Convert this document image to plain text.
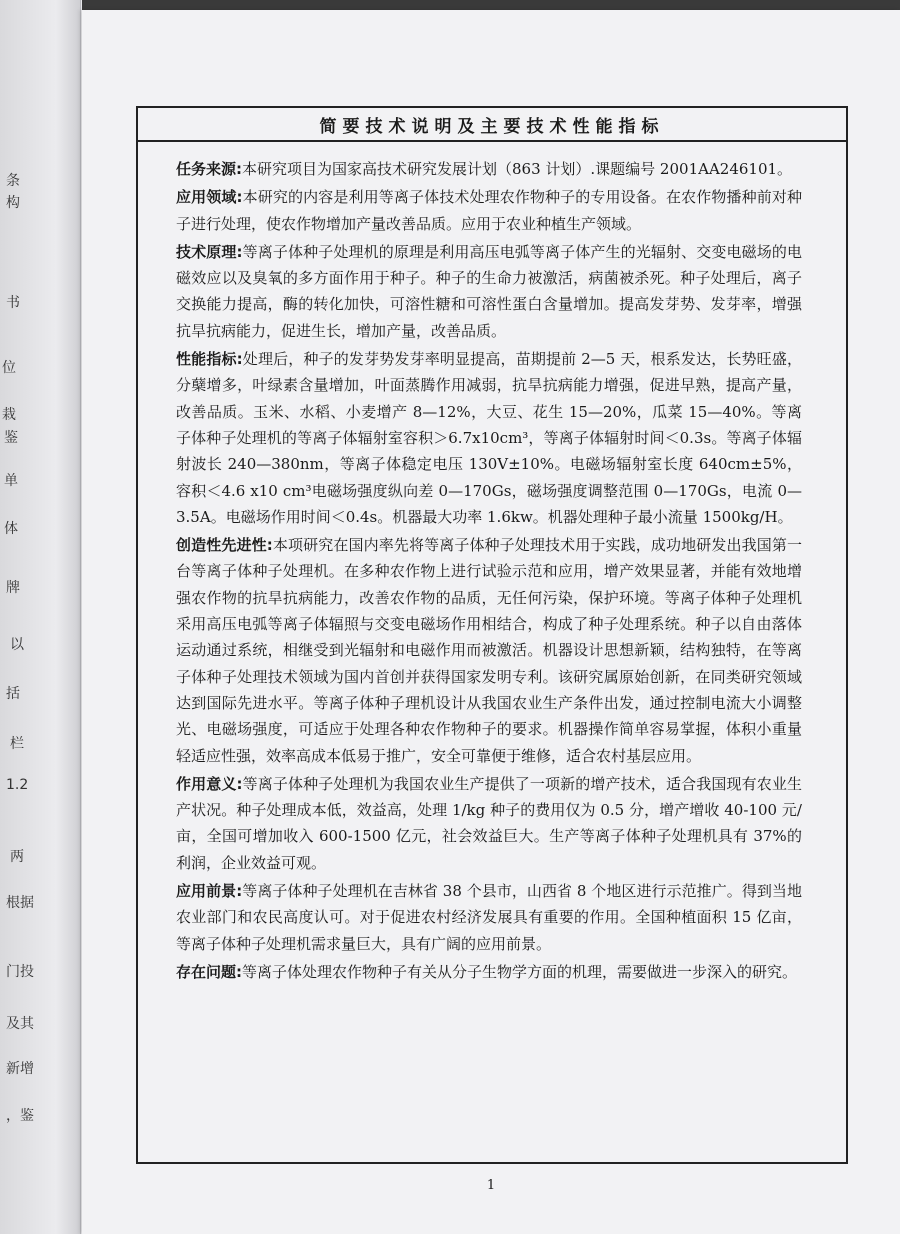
条
构
书
位
栽
鉴
单
体
牌
以
括
栏
1.2
两
根据
门投
及其
新增
，鉴
简要技术说明及主要技术性能指标

任务来源:本研究项目为国家高技术研究发展计划（863 计划）.课题编号 2001AA246101。

应用领域:本研究的内容是利用等离子体技术处理农作物种子的专用设备。在农作物播种前对种子进行处理，使农作物增加产量改善品质。应用于农业种植生产领域。

技术原理:等离子体种子处理机的原理是利用高压电弧等离子体产生的光辐射、交变电磁场的电磁效应以及臭氧的多方面作用于种子。种子的生命力被激活，病菌被杀死。种子处理后，离子交换能力提高，酶的转化加快，可溶性糖和可溶性蛋白含量增加。提高发芽势、发芽率，增强抗旱抗病能力，促进生长，增加产量，改善品质。

性能指标:处理后，种子的发芽势发芽率明显提高，苗期提前 2—5 天，根系发达，长势旺盛，分蘖增多，叶绿素含量增加，叶面蒸腾作用减弱，抗旱抗病能力增强，促进早熟，提高产量，改善品质。玉米、水稻、小麦增产 8—12%，大豆、花生 15—20%，瓜菜 15—40%。等离子体种子处理机的等离子体辐射室容积＞6.7x10cm³，等离子体辐射时间＜0.3s。等离子体辐射波长 240—380nm，等离子体稳定电压 130V±10%。电磁场辐射室长度 640cm±5%，容积＜4.6 x10 cm³电磁场强度纵向差 0—170Gs，磁场强度调整范围 0—170Gs，电流 0—3.5A。电磁场作用时间＜0.4s。机器最大功率 1.6kw。机器处理种子最小流量 1500kg/H。

创造性先进性:本项研究在国内率先将等离子体种子处理技术用于实践，成功地研发出我国第一台等离子体种子处理机。在多种农作物上进行试验示范和应用，增产效果显著，并能有效地增强农作物的抗旱抗病能力，改善农作物的品质，无任何污染，保护环境。等离子体种子处理机采用高压电弧等离子体辐照与交变电磁场作用相结合，构成了种子处理系统。种子以自由落体运动通过系统，相继受到光辐射和电磁作用而被激活。机器设计思想新颖，结构独特，在等离子体种子处理技术领域为国内首创并获得国家发明专利。该研究属原始创新，在同类研究领域达到国际先进水平。等离子体种子理机设计从我国农业生产条件出发，通过控制电流大小调整光、电磁场强度，可适应于处理各种农作物种子的要求。机器操作简单容易掌握，体积小重量轻适应性强，效率高成本低易于推广，安全可靠便于维修，适合农村基层应用。

作用意义:等离子体种子处理机为我国农业生产提供了一项新的增产技术，适合我国现有农业生产状况。种子处理成本低，效益高，处理 1/kg 种子的费用仅为 0.5 分，增产增收 40-100 元/亩，全国可增加收入 600-1500 亿元，社会效益巨大。生产等离子体种子处理机具有 37%的利润，企业效益可观。

应用前景:等离子体种子处理机在吉林省 38 个县市，山西省 8 个地区进行示范推广。得到当地农业部门和农民高度认可。对于促进农村经济发展具有重要的作用。全国种植面积 15 亿亩，等离子体种子处理机需求量巨大，具有广阔的应用前景。

存在问题:等离子体处理农作物种子有关从分子生物学方面的机理，需要做进一步深入的研究。

1
